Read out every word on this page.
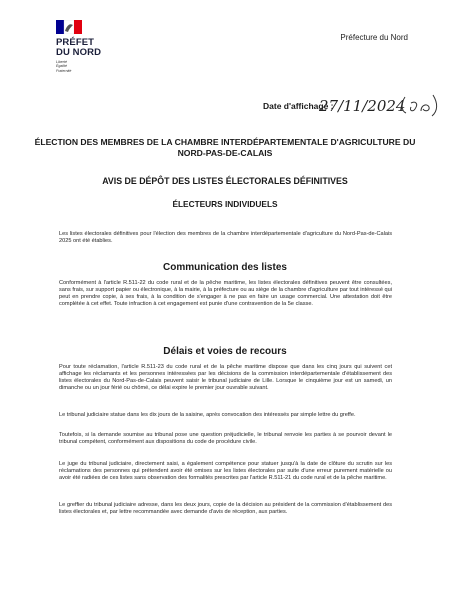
PRÉFET
DU NORD
Liberté
Égalité
Fraternité
Préfecture du Nord
Date d'affichage :
27/11/2024
ÉLECTION DES MEMBRES DE LA CHAMBRE INTERDÉPARTEMENTALE D'AGRICULTURE DU NORD-PAS-DE-CALAIS
AVIS DE DÉPÔT DES LISTES ÉLECTORALES DÉFINITIVES
ÉLECTEURS INDIVIDUELS

Les listes électorales définitives pour l'élection des membres de la chambre interdépartementale d'agriculture du Nord-Pas-de-Calais 2025 ont été établies.

Communication des listes

Conformément à l'article R.511-22 du code rural et de la pêche maritime, les listes électorales définitives peuvent être consultées, sans frais, sur support papier ou électronique, à la mairie, à la préfecture ou au siège de la chambre d'agriculture par tout intéressé qui peut en prendre copie, à ses frais, à la condition de s'engager à ne pas en faire un usage commercial. Une attestation doit être complétée à cet effet. Toute infraction à cet engagement est punie d'une contravention de la 5e classe.

Délais et voies de recours

Pour toute réclamation, l'article R.511-23 du code rural et de la pêche maritime dispose que dans les cinq jours qui suivent cet affichage les réclamants et les personnes intéressées par les décisions de la commission interdépartementale d'établissement des listes électorales du Nord-Pas-de-Calais peuvent saisir le tribunal judiciaire de Lille. Lorsque le cinquième jour est un samedi, un dimanche ou un jour férié ou chômé, ce délai expire le premier jour ouvrable suivant.

Le tribunal judiciaire statue dans les dix jours de la saisine, après convocation des intéressés par simple lettre du greffe.

Toutefois, si la demande soumise au tribunal pose une question préjudicielle, le tribunal renvoie les parties à se pourvoir devant le tribunal compétent, conformément aux dispositions du code de procédure civile.

Le juge du tribunal judiciaire, directement saisi, a également compétence pour statuer jusqu'à la date de clôture du scrutin sur les réclamations des personnes qui prétendent avoir été omises sur les listes électorales par suite d'une erreur purement matérielle ou avoir été radiées de ces listes sans observation des formalités prescrites par l'article R.511-21 du code rural et de la pêche maritime.

Le greffier du tribunal judiciaire adresse, dans les deux jours, copie de la décision au président de la commission d'établissement des listes électorales et, par lettre recommandée avec demande d'avis de réception, aux parties.
